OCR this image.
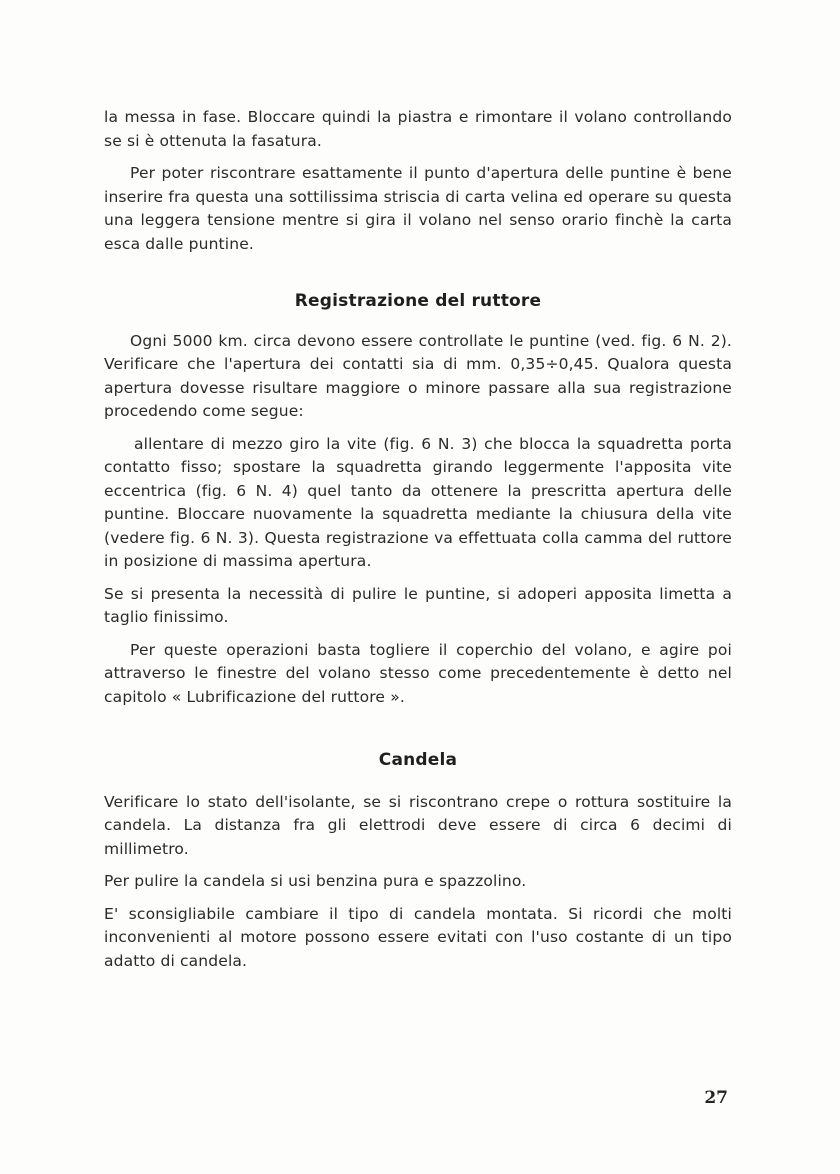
la messa in fase. Bloccare quindi la piastra e rimontare il volano controllando se si è ottenuta la fasatura.

Per poter riscontrare esattamente il punto d'apertura delle puntine è bene inserire fra questa una sottilissima striscia di carta velina ed operare su questa una leggera tensione mentre si gira il volano nel senso orario finchè la carta esca dalle puntine.

Registrazione del ruttore

Ogni 5000 km. circa devono essere controllate le puntine (ved. fig. 6 N. 2). Verificare che l'apertura dei contatti sia di mm. 0,35÷0,45. Qualora questa apertura dovesse risultare maggiore o minore passare alla sua registrazione procedendo come segue:

allentare di mezzo giro la vite (fig. 6 N. 3) che blocca la squadretta porta contatto fisso; spostare la squadretta girando leggermente l'apposita vite eccentrica (fig. 6 N. 4) quel tanto da ottenere la prescritta apertura delle puntine. Bloccare nuovamente la squadretta mediante la chiusura della vite (vedere fig. 6 N. 3). Questa registrazione va effettuata colla camma del ruttore in posizione di massima apertura.

Se si presenta la necessità di pulire le puntine, si adoperi apposita limetta a taglio finissimo.

Per queste operazioni basta togliere il coperchio del volano, e agire poi attraverso le finestre del volano stesso come precedentemente è detto nel capitolo « Lubrificazione del ruttore ».

Candela

Verificare lo stato dell'isolante, se si riscontrano crepe o rottura sostituire la candela. La distanza fra gli elettrodi deve essere di circa 6 decimi di millimetro.

Per pulire la candela si usi benzina pura e spazzolino.

E' sconsigliabile cambiare il tipo di candela montata. Si ricordi che molti inconvenienti al motore possono essere evitati con l'uso costante di un tipo adatto di candela.

27
